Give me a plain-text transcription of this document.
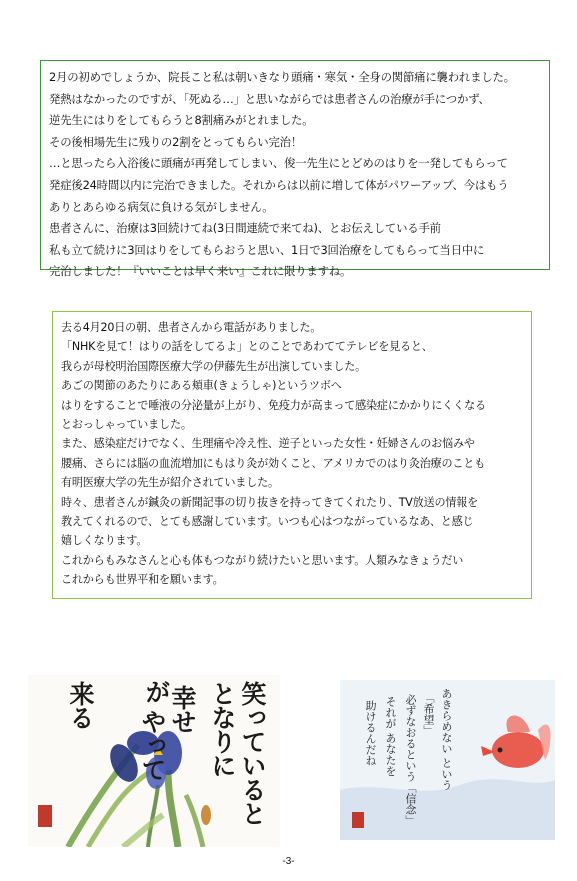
2月の初めでしょうか、院長こと私は朝いきなり頭痛・寒気・全身の関節痛に襲われました。
発熱はなかったのですが、「死ぬる…」と思いながらでは患者さんの治療が手につかず、
逆先生にはりをしてもらうと8割痛みがとれました。
その後相場先生に残りの2割をとってもらい完治！
…と思ったら入浴後に頭痛が再発してしまい、俊一先生にとどめのはりを一発してもらって
発症後24時間以内に完治できました。それからは以前に増して体がパワーアップ、今はもう
ありとあらゆる病気に負ける気がしません。
患者さんに、治療は3回続けてね(3日間連続で来てね)、とお伝えしている手前
私も立て続けに3回はりをしてもらおうと思い、1日で3回治療をしてもらって当日中に
完治しました！『いいことは早く来い』これに限りますね。
去る4月20日の朝、患者さんから電話がありました。
「NHKを見て！はりの話をしてるよ」とのことであわててテレビを見ると、
我らが母校明治国際医療大学の伊藤先生が出演していました。
あごの関節のあたりにある頬車(きょうしゃ)というツボへ
はりをすることで唾液の分泌量が上がり、免疫力が高まって感染症にかかりにくくなる
とおっしゃっていました。
また、感染症だけでなく、生理痛や冷え性、逆子といった女性・妊婦さんのお悩みや
腰痛、さらには脳の血流増加にもはり灸が効くこと、アメリカでのはり灸治療のことも
有明医療大学の先生が紹介されていました。
時々、患者さんが鍼灸の新聞記事の切り抜きを持ってきてくれたり、TV放送の情報を
教えてくれるので、とても感謝しています。いつも心はつながっているなあ、と感じ
嬉しくなります。
これからもみなさんと心も体もつながり続けたいと思います。人類みなきょうだい
これからも世界平和を願います。
笑っていると
となりに
幸せ
が
やって
来る	あきらめない という
「希望」
必ずなおるという「信念」
それが あなたを
助けるんだね
-3-
